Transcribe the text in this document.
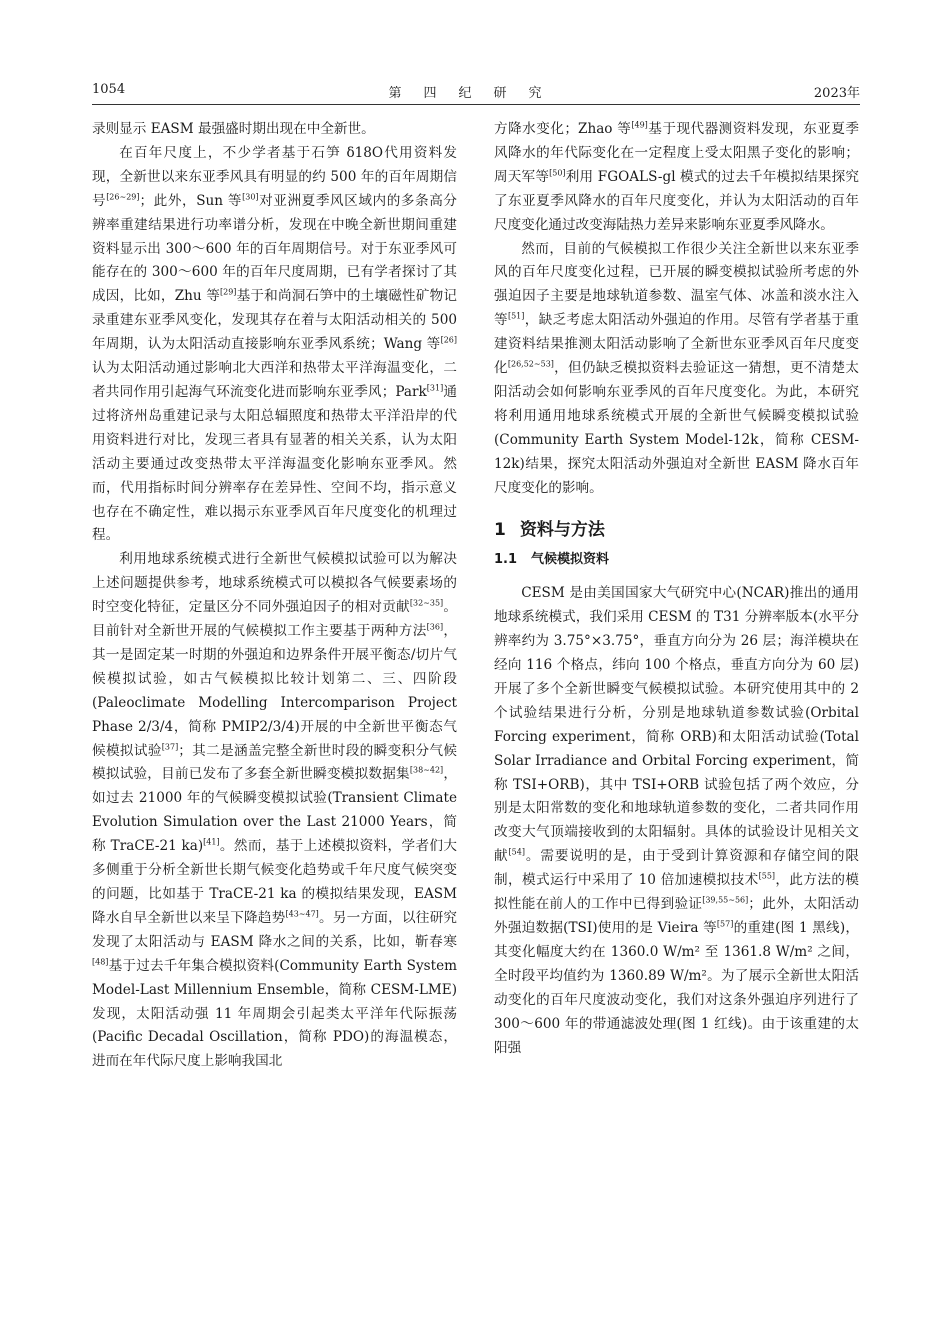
1054	第四纪研究	2023年

录则显示 EASM 最强盛时期出现在中全新世。

在百年尺度上，不少学者基于石笋 δ18O代用资料发现，全新世以来东亚季风具有明显的约 500 年的百年周期信号[26~29]；此外，Sun 等[30]对亚洲夏季风区域内的多条高分辨率重建结果进行功率谱分析，发现在中晚全新世期间重建资料显示出 300～600 年的百年周期信号。对于东亚季风可能存在的 300～600 年的百年尺度周期，已有学者探讨了其成因，比如，Zhu 等[29]基于和尚洞石笋中的土壤磁性矿物记录重建东亚季风变化，发现其存在着与太阳活动相关的 500 年周期，认为太阳活动直接影响东亚季风系统；Wang 等[26]认为太阳活动通过影响北大西洋和热带太平洋海温变化，二者共同作用引起海气环流变化进而影响东亚季风；Park[31]通过将济州岛重建记录与太阳总辐照度和热带太平洋沿岸的代用资料进行对比，发现三者具有显著的相关关系，认为太阳活动主要通过改变热带太平洋海温变化影响东亚季风。然而，代用指标时间分辨率存在差异性、空间不均，指示意义也存在不确定性，难以揭示东亚季风百年尺度变化的机理过程。

利用地球系统模式进行全新世气候模拟试验可以为解决上述问题提供参考，地球系统模式可以模拟各气候要素场的时空变化特征，定量区分不同外强迫因子的相对贡献[32~35]。目前针对全新世开展的气候模拟工作主要基于两种方法[36]，其一是固定某一时期的外强迫和边界条件开展平衡态/切片气候模拟试验，如古气候模拟比较计划第二、三、四阶段(Paleoclimate Modelling Intercomparison Project Phase 2/3/4，简称 PMIP2/3/4)开展的中全新世平衡态气候模拟试验[37]；其二是涵盖完整全新世时段的瞬变积分气候模拟试验，目前已发布了多套全新世瞬变模拟数据集[38~42]，如过去 21000 年的气候瞬变模拟试验(Transient Climate Evolution Simulation over the Last 21000 Years，简称 TraCE-21 ka)[41]。然而，基于上述模拟资料，学者们大多侧重于分析全新世长期气候变化趋势或千年尺度气候突变的问题，比如基于 TraCE-21 ka 的模拟结果发现，EASM 降水自早全新世以来呈下降趋势[43~47]。另一方面，以往研究发现了太阳活动与 EASM 降水之间的关系，比如，靳春寒[48]基于过去千年集合模拟资料(Community Earth System Model-Last Millennium Ensemble，简称 CESM-LME)发现，太阳活动强 11 年周期会引起类太平洋年代际振荡(Pacific Decadal Oscillation，简称 PDO)的海温模态，进而在年代际尺度上影响我国北

方降水变化；Zhao 等[49]基于现代器测资料发现，东亚夏季风降水的年代际变化在一定程度上受太阳黑子变化的影响；周天军等[50]利用 FGOALS-gl 模式的过去千年模拟结果探究了东亚夏季风降水的百年尺度变化，并认为太阳活动的百年尺度变化通过改变海陆热力差异来影响东亚夏季风降水。

然而，目前的气候模拟工作很少关注全新世以来东亚季风的百年尺度变化过程，已开展的瞬变模拟试验所考虑的外强迫因子主要是地球轨道参数、温室气体、冰盖和淡水注入等[51]，缺乏考虑太阳活动外强迫的作用。尽管有学者基于重建资料结果推测太阳活动影响了全新世东亚季风百年尺度变化[26,52~53]，但仍缺乏模拟资料去验证这一猜想，更不清楚太阳活动会如何影响东亚季风的百年尺度变化。为此，本研究将利用通用地球系统模式开展的全新世气候瞬变模拟试验(Community Earth System Model-12k，简称 CESM-12k)结果，探究太阳活动外强迫对全新世 EASM 降水百年尺度变化的影响。

1 资料与方法
1.1 气候模拟资料

CESM 是由美国国家大气研究中心(NCAR)推出的通用地球系统模式，我们采用 CESM 的 T31 分辨率版本(水平分辨率约为 3.75°×3.75°，垂直方向分为 26 层；海洋模块在经向 116 个格点，纬向 100 个格点，垂直方向分为 60 层)开展了多个全新世瞬变气候模拟试验。本研究使用其中的 2 个试验结果进行分析，分别是地球轨道参数试验(Orbital Forcing experiment，简称 ORB)和太阳活动试验(Total Solar Irradiance and Orbital Forcing experiment，简称 TSI+ORB)，其中 TSI+ORB 试验包括了两个效应，分别是太阳常数的变化和地球轨道参数的变化，二者共同作用改变大气顶端接收到的太阳辐射。具体的试验设计见相关文献[54]。需要说明的是，由于受到计算资源和存储空间的限制，模式运行中采用了 10 倍加速模拟技术[55]，此方法的模拟性能在前人的工作中已得到验证[39,55~56]；此外，太阳活动外强迫数据(TSI)使用的是 Vieira 等[57]的重建(图 1 黑线)，其变化幅度大约在 1360.0 W/m² 至 1361.8 W/m² 之间，全时段平均值约为 1360.89 W/m²。为了展示全新世太阳活动变化的百年尺度波动变化，我们对这条外强迫序列进行了 300～600 年的带通滤波处理(图 1 红线)。由于该重建的太阳强
